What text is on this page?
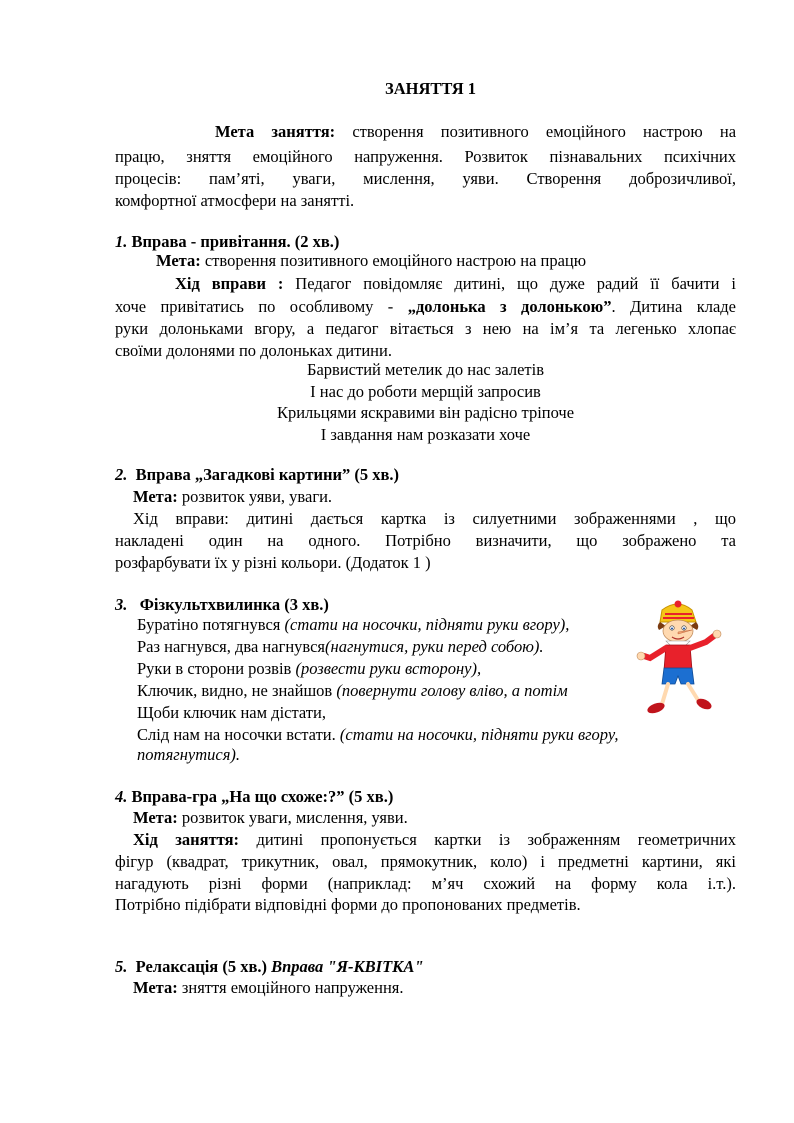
ЗАНЯТТЯ 1
Мета заняття: створення позитивного емоційного настрою на
працю, зняття емоційного напруження. Розвиток пізнавальних психічних
процесів: пам’яті, уваги, мислення, уяви. Створення доброзичливої,
комфортної атмосфери на занятті.
1. Вправа - привітання. (2 хв.)
Мета: створення позитивного емоційного настрою на працю
Хід вправи : Педагог повідомляє дитині, що дуже радий її бачити і
хоче привітатись по особливому - „долонька з долонькою”. Дитина кладе
руки долоньками вгору, а педагог вітається з нею на ім’я та легенько хлопає
своїми долонями по долоньках дитини.
Барвистий метелик до нас залетів
І нас до роботи мерщій запросив
Крильцями яскравими він радісно тріпоче
І завдання нам розказати хоче
2. Вправа „Загадкові картини” (5 хв.)
Мета: розвиток уяви, уваги.
Хід вправи: дитині дається картка із силуетними зображеннями , що
накладені один на одного. Потрібно визначити, що зображено та
розфарбувати їх у різні кольори. (Додаток 1 )
3. Фізкультхвилинка (3 хв.)
Буратіно потягнувся (стати на носочки, підняти руки вгору),
Раз нагнувся, два нагнувся(нагнутися, руки перед собою).
Руки в сторони розвів (розвести руки всторону),
Ключик, видно, не знайшов (повернути голову вліво, а потім
Щоби ключик нам дістати,
Слід нам на носочки встати. (стати на носочки, підняти руки вгору,
потягнутися).
4. Вправа-гра „На що схоже:?” (5 хв.)
Мета: розвиток уваги, мислення, уяви.
Хід заняття: дитині пропонується картки із зображенням геометричних
фігур (квадрат, трикутник, овал, прямокутник, коло) і предметні картини, які
нагадують різні форми (наприклад: м’яч схожий на форму кола і.т.).
Потрібно підібрати відповідні форми до пропонованих предметів.
5. Релаксація (5 хв.) Вправа "Я-КВІТКА"
Мета: зняття емоційного напруження.
